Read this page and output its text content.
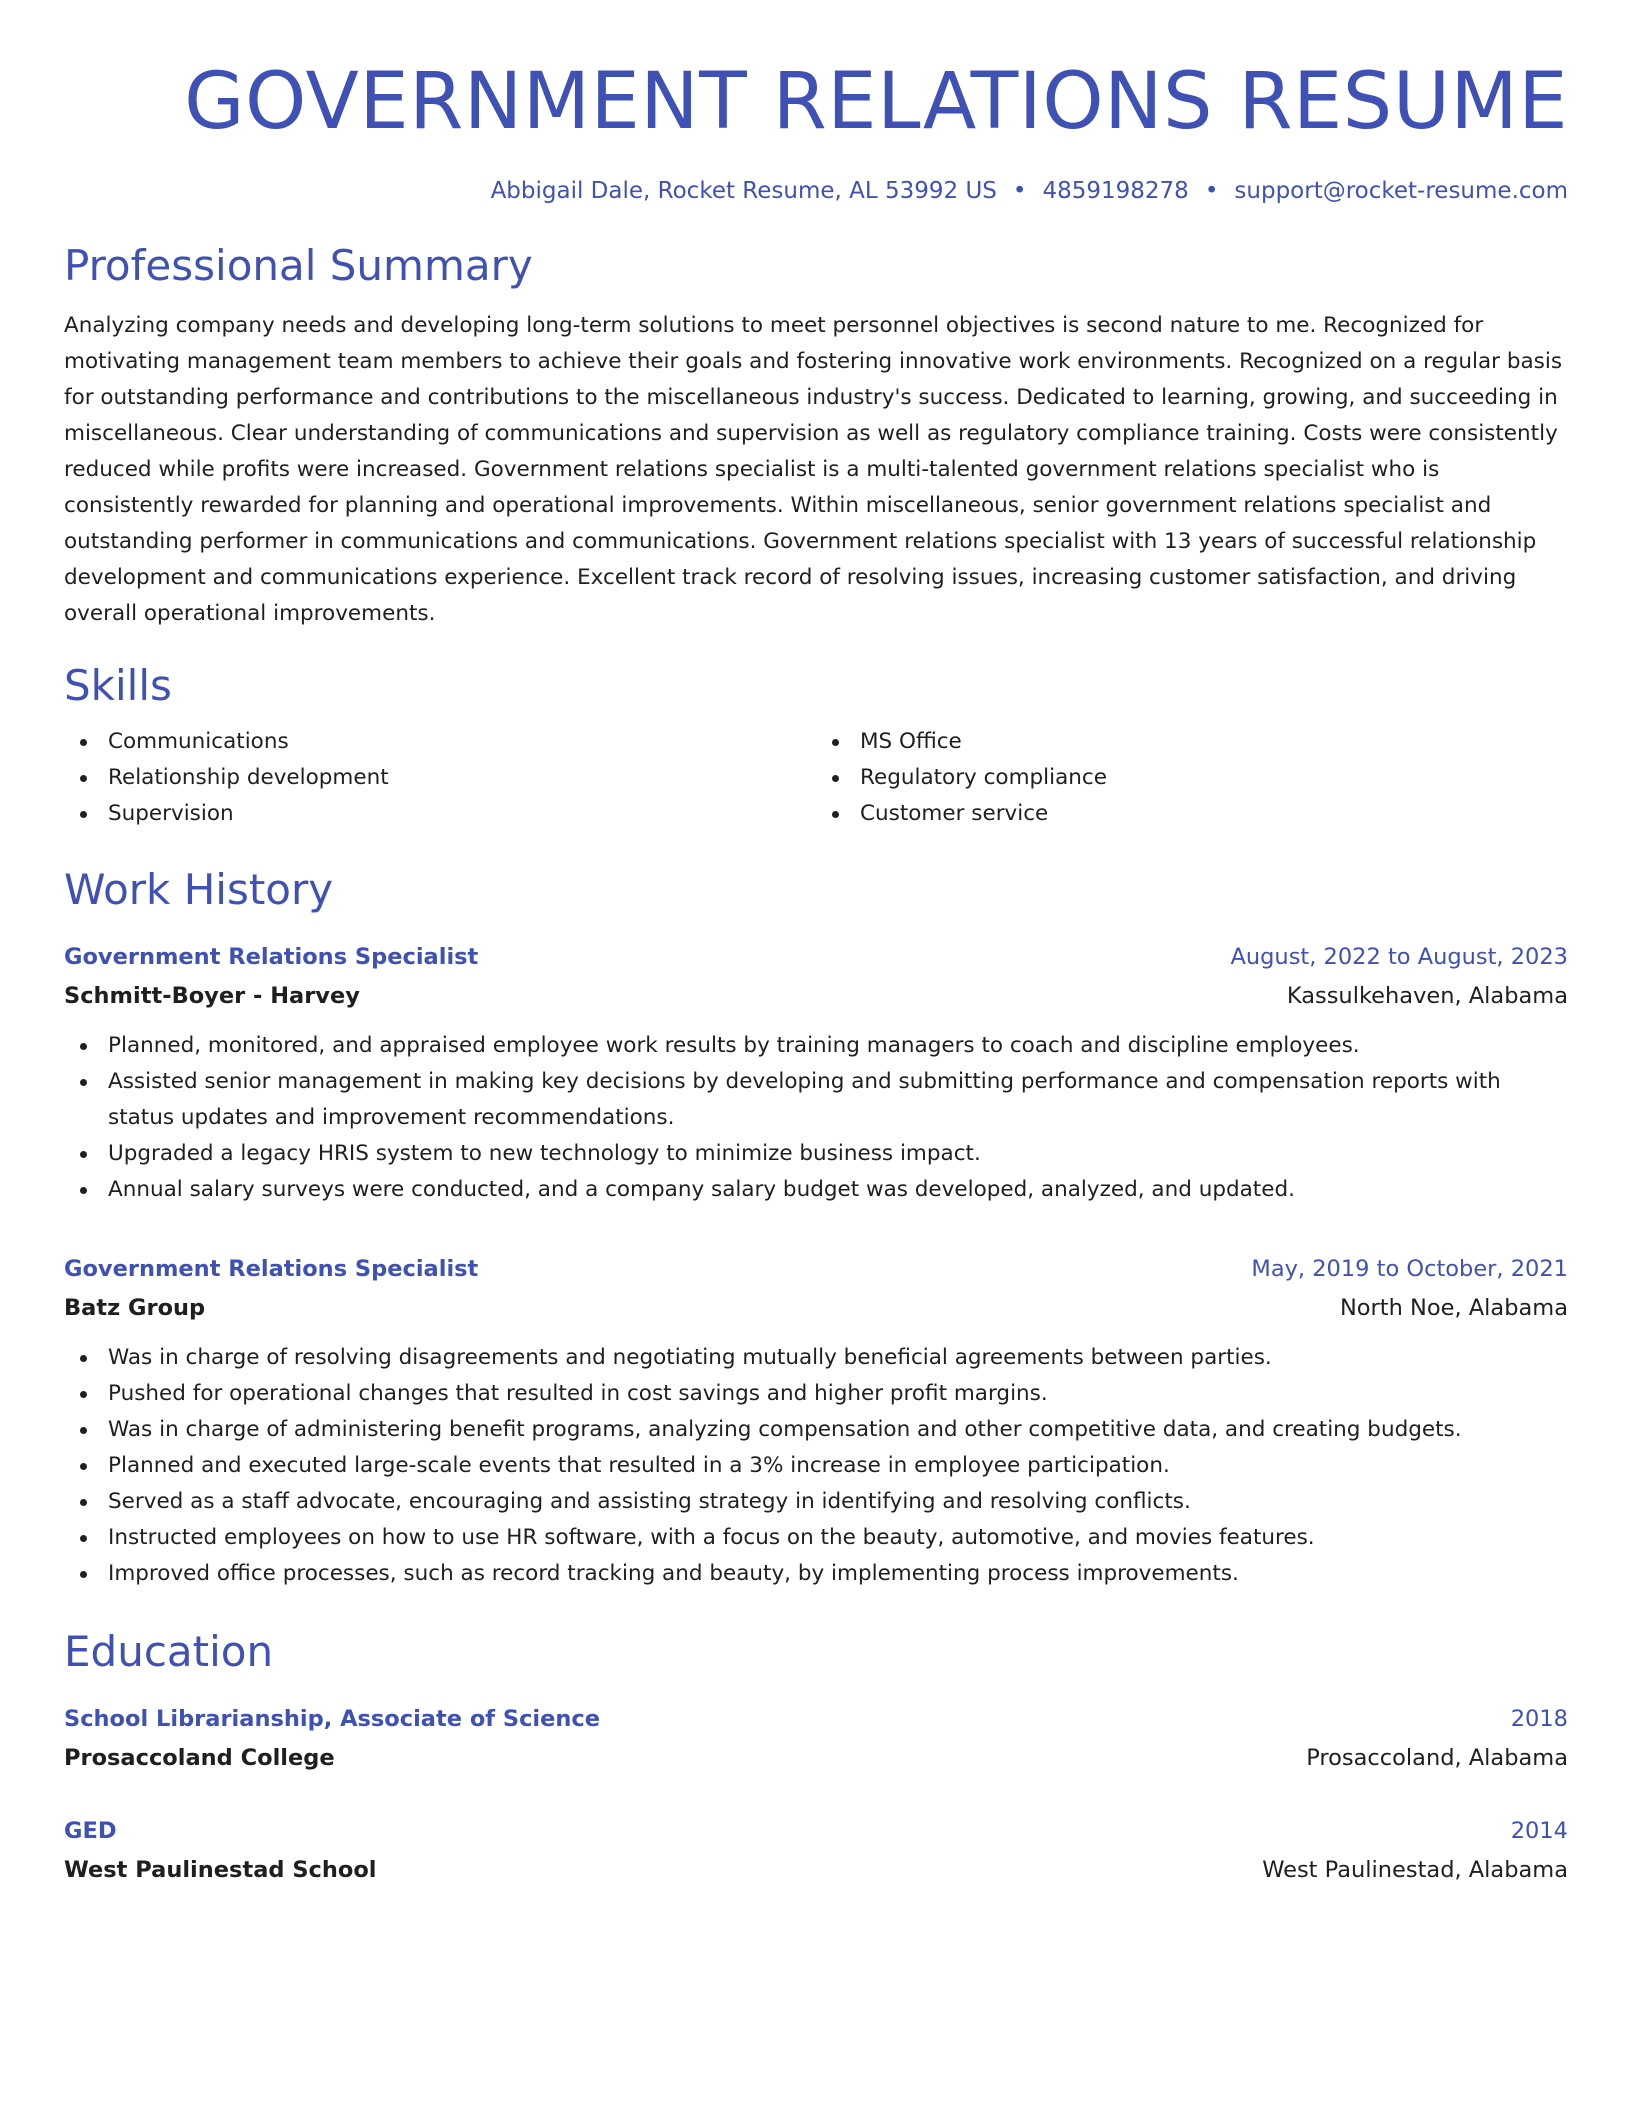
GOVERNMENT RELATIONS RESUME
Abbigail Dale, Rocket Resume, AL 53992 US • 4859198278 • support@rocket-resume.com
Professional Summary

Analyzing company needs and developing long-term solutions to meet personnel objectives is second nature to me. Recognized for motivating management team members to achieve their goals and fostering innovative work environments. Recognized on a regular basis for outstanding performance and contributions to the miscellaneous industry's success. Dedicated to learning, growing, and succeeding in miscellaneous. Clear understanding of communications and supervision as well as regulatory compliance training. Costs were consistently reduced while profits were increased. Government relations specialist is a multi-talented government relations specialist who is consistently rewarded for planning and operational improvements. Within miscellaneous, senior government relations specialist and outstanding performer in communications and communications. Government relations specialist with 13 years of successful relationship development and communications experience. Excellent track record of resolving issues, increasing customer satisfaction, and driving overall operational improvements.

Skills
Communications
Relationship development
Supervision
MS Office
Regulatory compliance
Customer service
Work History
Government Relations Specialist	August, 2022 to August, 2023
Schmitt-Boyer - Harvey	Kassulkehaven, Alabama
Planned, monitored, and appraised employee work results by training managers to coach and discipline employees.
Assisted senior management in making key decisions by developing and submitting performance and compensation reports with status updates and improvement recommendations.
Upgraded a legacy HRIS system to new technology to minimize business impact.
Annual salary surveys were conducted, and a company salary budget was developed, analyzed, and updated.
Government Relations Specialist	May, 2019 to October, 2021
Batz Group	North Noe, Alabama
Was in charge of resolving disagreements and negotiating mutually beneficial agreements between parties.
Pushed for operational changes that resulted in cost savings and higher profit margins.
Was in charge of administering benefit programs, analyzing compensation and other competitive data, and creating budgets.
Planned and executed large-scale events that resulted in a 3% increase in employee participation.
Served as a staff advocate, encouraging and assisting strategy in identifying and resolving conflicts.
Instructed employees on how to use HR software, with a focus on the beauty, automotive, and movies features.
Improved office processes, such as record tracking and beauty, by implementing process improvements.
Education
School Librarianship, Associate of Science	2018
Prosaccoland College	Prosaccoland, Alabama
GED	2014
West Paulinestad School	West Paulinestad, Alabama
